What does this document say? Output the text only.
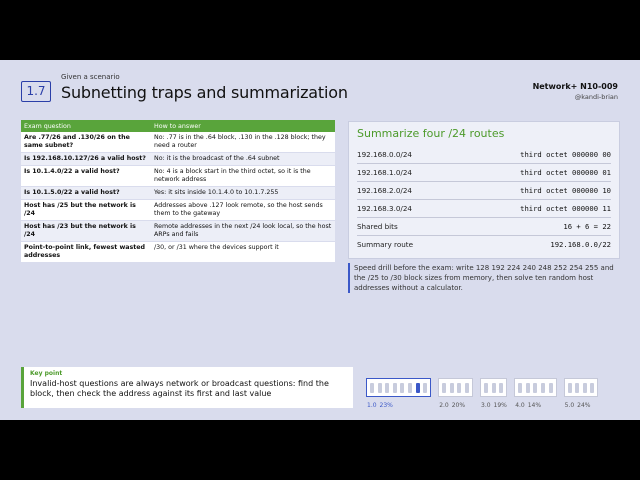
1.7
Given a scenario
Subnetting traps and summarization	Network+ N10-009
@kandi-brian
Exam question	How to answer
Are .77/26 and .130/26 on the same subnet?	No: .77 is in the .64 block, .130 in the .128 block; they need a router
Is 192.168.10.127/26 a valid host?	No: it is the broadcast of the .64 subnet
Is 10.1.4.0/22 a valid host?	No: 4 is a block start in the third octet, so it is the network address
Is 10.1.5.0/22 a valid host?	Yes: it sits inside 10.1.4.0 to 10.1.7.255
Host has /25 but the network is /24	Addresses above .127 look remote, so the host sends them to the gateway
Host has /23 but the network is /24	Remote addresses in the next /24 look local, so the host ARPs and fails
Point-to-point link, fewest wasted addresses	/30, or /31 where the devices support it
Summarize four /24 routes
192.168.0.0/24	third octet 000000 00
192.168.1.0/24	third octet 000000 01
192.168.2.0/24	third octet 000000 10
192.168.3.0/24	third octet 000000 11
Shared bits	16 + 6 = 22
Summary route	192.168.0.0/22
Speed drill before the exam: write 128 192 224 240 248 252 254 255 and the /25 to /30 block sizes from memory, then solve ten random host addresses without a calculator.
Key point
Invalid-host questions are always network or broadcast questions: find the block, then check the address against its first and last value
1.0 23%	2.0 20%	3.0 19% 4.0 14%	5.0 24%
